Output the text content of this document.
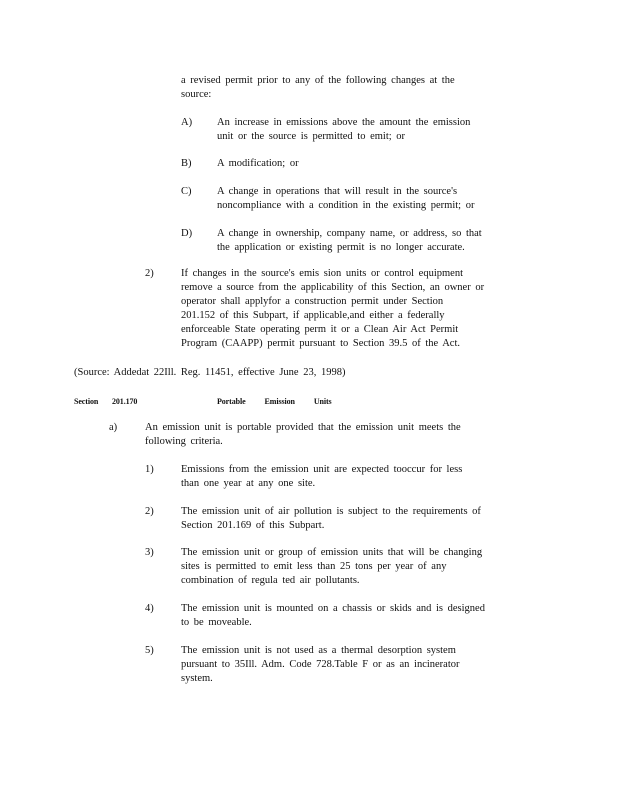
a revised permit prior to any of the following changes at the
source:
A) An increase in emissions above the amount the emission
unit or the source is permitted to emit; or
B) A modification; or
C) A change in operations that will result in the source's
noncompliance with a condition in the existing permit; or
D) A change in ownership, company name, or address, so that
the application or existing permit is no longer accurate.
2)	If changes in the source's emis sion units or control equipment
remove a source from the applicability of this Section, an owner or
operator shall applyfor a construction permit under Section
201.152 of this Subpart, if applicable,and either a federally
enforceable State operating perm it or a Clean Air Act Permit
Program (CAAPP) permit pursuant to Section 39.5 of the Act.
(Source: Addedat 22Ill. Reg. 11451, effective June 23, 1998)
Section 201.170	Portable          Emission          Units
a)	An emission unit is portable provided that the emission unit meets the
following criteria.
1)	Emissions from the emission unit are expected tooccur for less
than one year at any one site.
2)	The emission unit of air pollution is subject to the requirements of
Section 201.169 of this Subpart.
3)	The emission unit or group of emission units that will be changing
sites is permitted to emit less than 25 tons per year of any
combination of regula ted air pollutants.
4)	The emission unit is mounted on a chassis or skids and is designed
to be moveable.
5)	The emission unit is not used as a thermal desorption system
pursuant to 35Ill. Adm. Code 728.Table F or as an incinerator
system.
